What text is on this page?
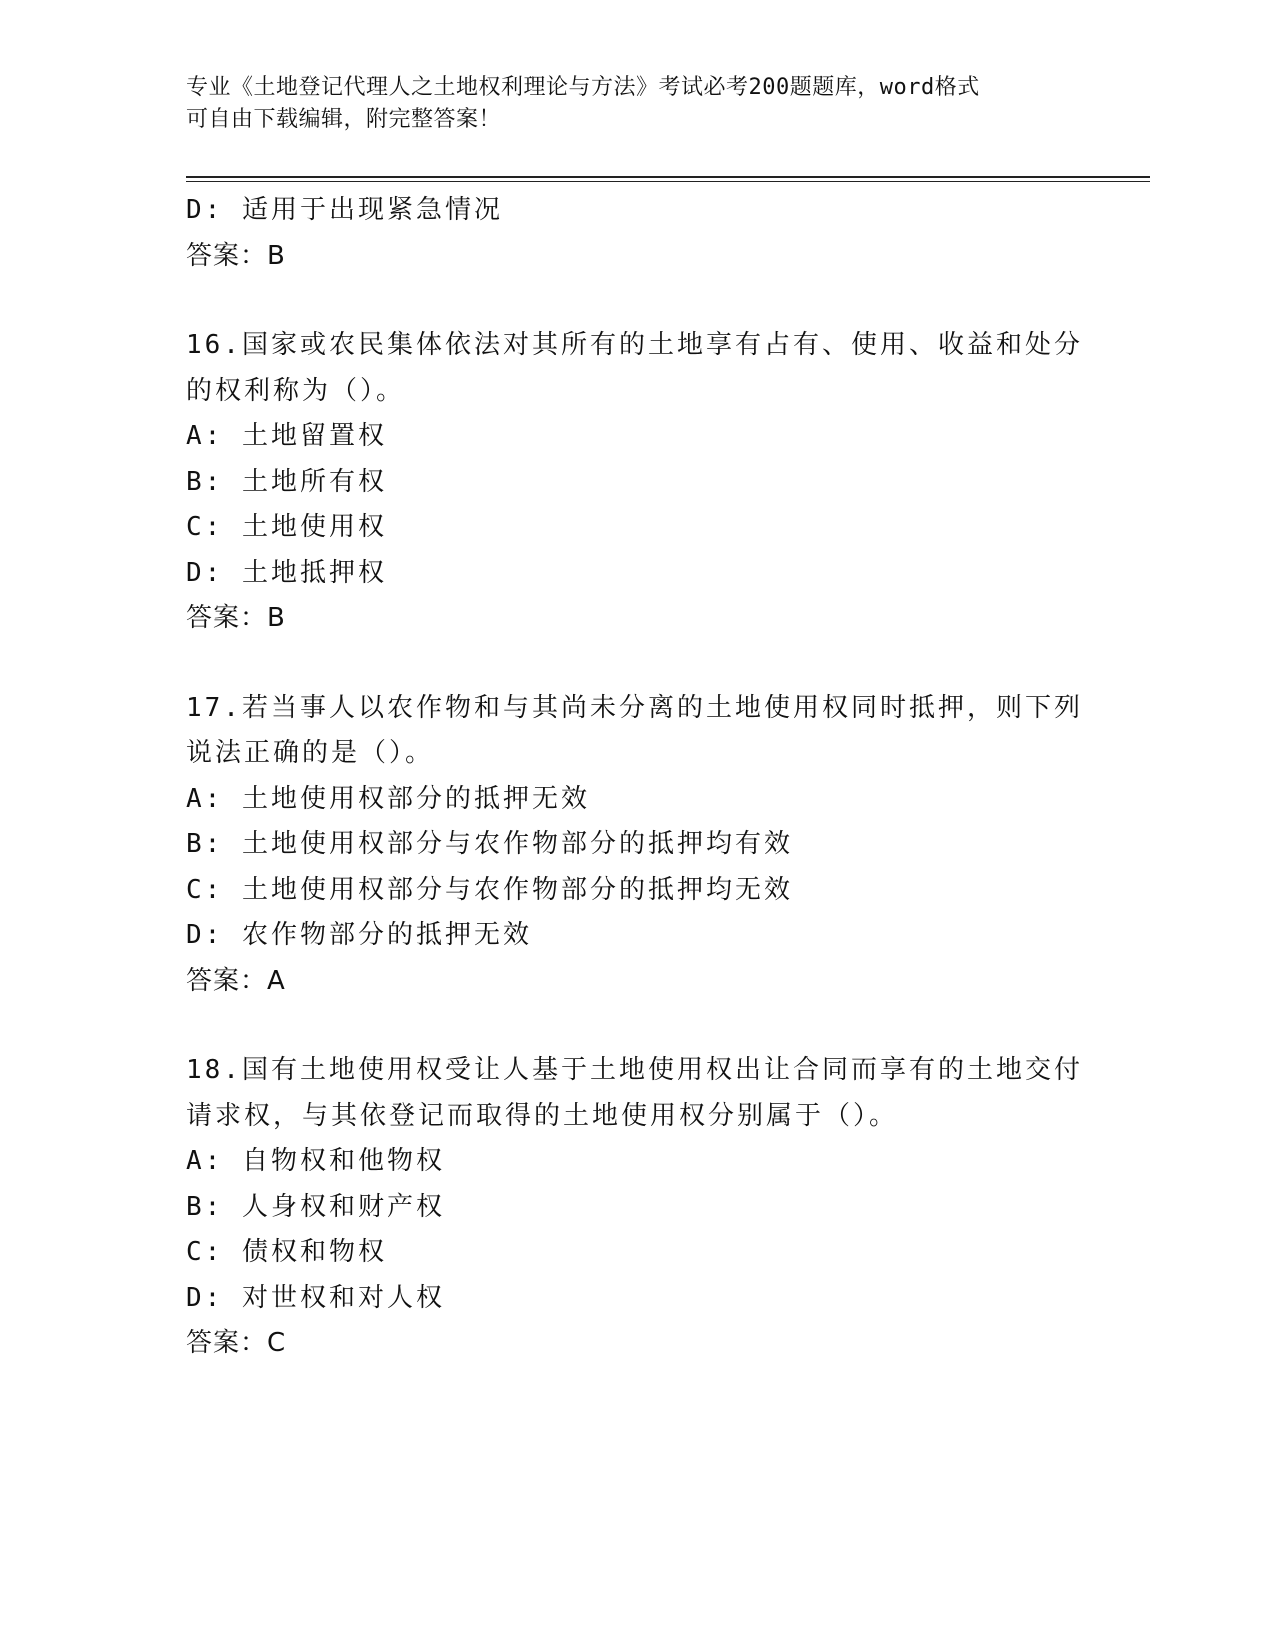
专业《土地登记代理人之土地权利理论与方法》考试必考200题题库，word格式
可自由下载编辑，附完整答案！
D: 适用于出现紧急情况
答案：B
16.国家或农民集体依法对其所有的土地享有占有、使用、收益和处分
的权利称为（）。
A: 土地留置权
B: 土地所有权
C: 土地使用权
D: 土地抵押权
答案：B
17.若当事人以农作物和与其尚未分离的土地使用权同时抵押，则下列
说法正确的是（）。
A: 土地使用权部分的抵押无效
B: 土地使用权部分与农作物部分的抵押均有效
C: 土地使用权部分与农作物部分的抵押均无效
D: 农作物部分的抵押无效
答案：A
18.国有土地使用权受让人基于土地使用权出让合同而享有的土地交付
请求权，与其依登记而取得的土地使用权分别属于（）。
A: 自物权和他物权
B: 人身权和财产权
C: 债权和物权
D: 对世权和对人权
答案：C
